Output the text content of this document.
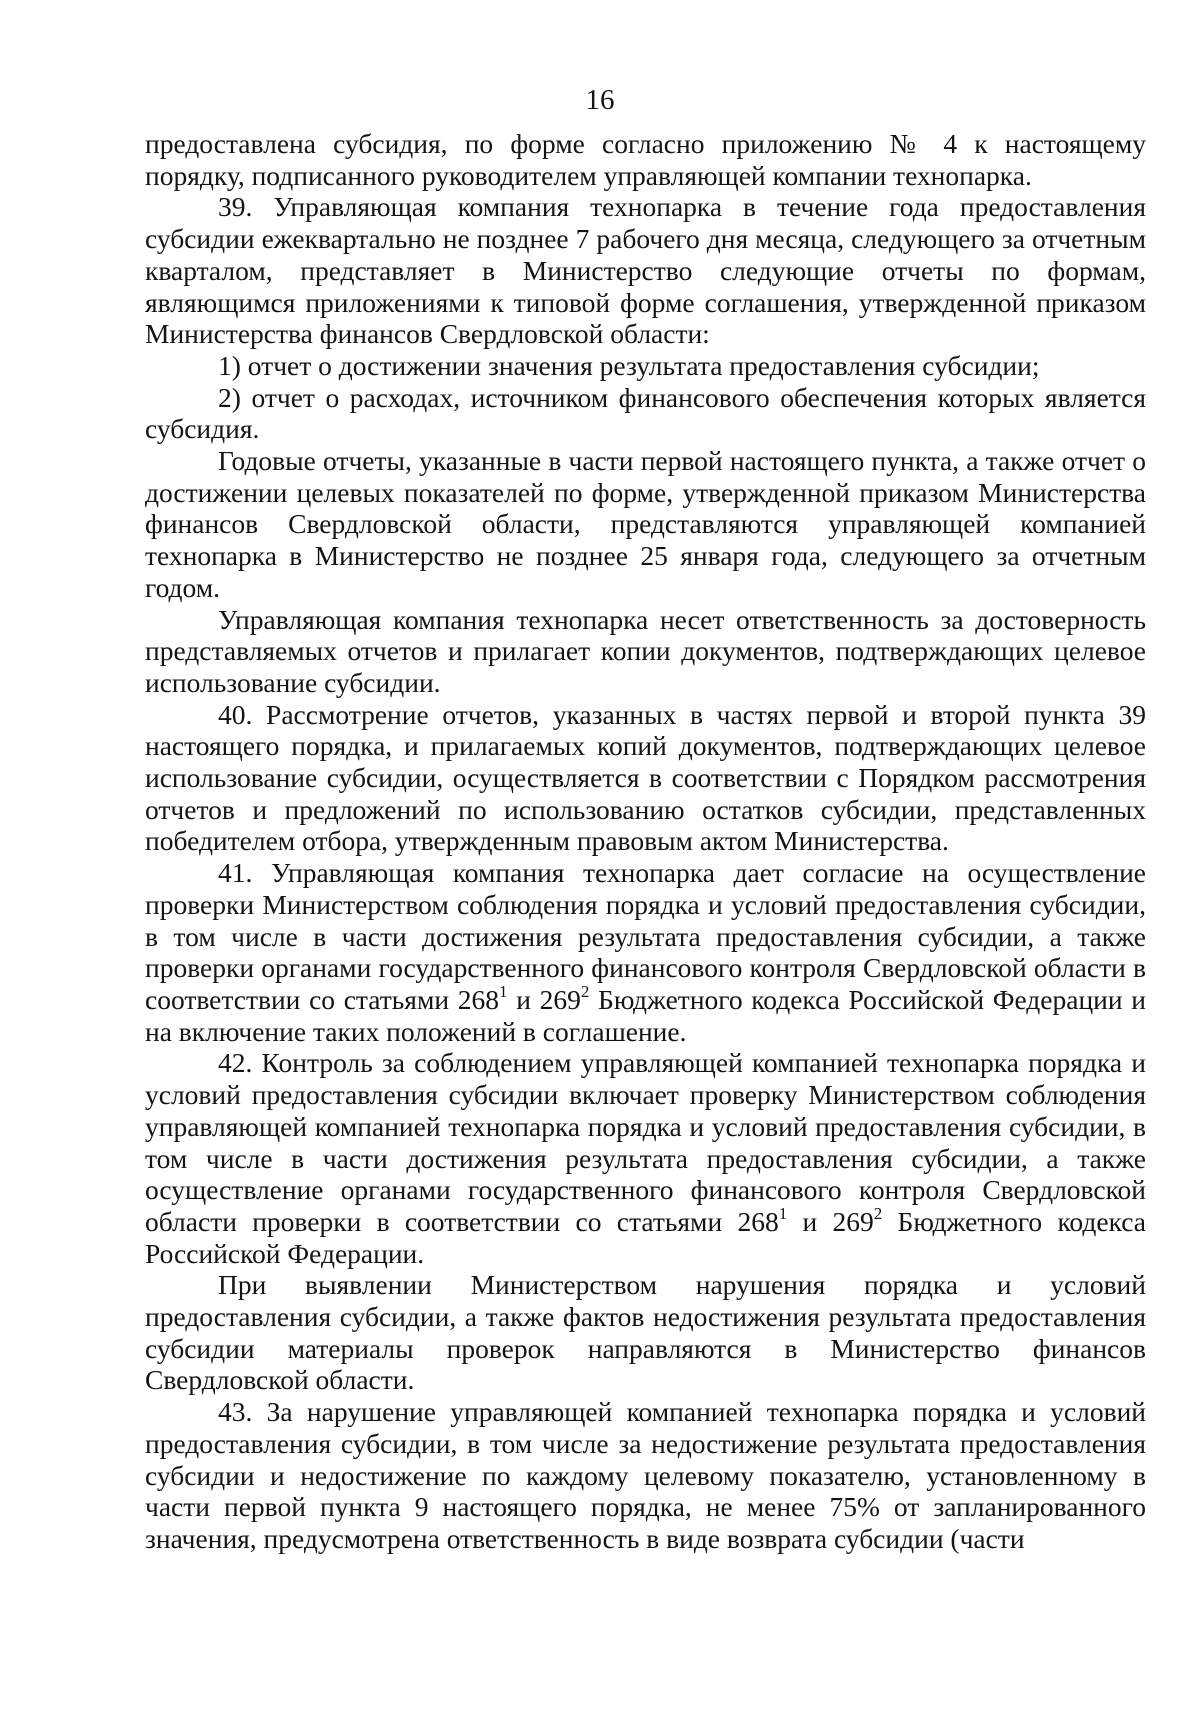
16

предоставлена субсидия, по форме согласно приложению № 4 к настоящему порядку, подписанного руководителем управляющей компании технопарка.

39. Управляющая компания технопарка в течение года предоставления субсидии ежеквартально не позднее 7 рабочего дня месяца, следующего за отчетным кварталом, представляет в Министерство следующие отчеты по формам, являющимся приложениями к типовой форме соглашения, утвержденной приказом Министерства финансов Свердловской области:

1) отчет о достижении значения результата предоставления субсидии;

2) отчет о расходах, источником финансового обеспечения которых является субсидия.

Годовые отчеты, указанные в части первой настоящего пункта, а также отчет о достижении целевых показателей по форме, утвержденной приказом Министерства финансов Свердловской области, представляются управляющей компанией технопарка в Министерство не позднее 25 января года, следующего за отчетным годом.

Управляющая компания технопарка несет ответственность за достоверность представляемых отчетов и прилагает копии документов, подтверждающих целевое использование субсидии.

40. Рассмотрение отчетов, указанных в частях первой и второй пункта 39 настоящего порядка, и прилагаемых копий документов, подтверждающих целевое использование субсидии, осуществляется в соответствии с Порядком рассмотрения отчетов и предложений по использованию остатков субсидии, представленных победителем отбора, утвержденным правовым актом Министерства.

41. Управляющая компания технопарка дает согласие на осуществление проверки Министерством соблюдения порядка и условий предоставления субсидии, в том числе в части достижения результата предоставления субсидии, а также проверки органами государственного финансового контроля Свердловской области в соответствии со статьями $268^1$ и $269^2$ Бюджетного кодекса Российской Федерации и на включение таких положений в соглашение.

42. Контроль за соблюдением управляющей компанией технопарка порядка и условий предоставления субсидии включает проверку Министерством соблюдения управляющей компанией технопарка порядка и условий предоставления субсидии, в том числе в части достижения результата предоставления субсидии, а также осуществление органами государственного финансового контроля Свердловской области проверки в соответствии со статьями $268^1$ и $269^2$ Бюджетного кодекса Российской Федерации.

При выявлении Министерством нарушения порядка и условий предоставления субсидии, а также фактов недостижения результата предоставления субсидии материалы проверок направляются в Министерство финансов Свердловской области.

43. За нарушение управляющей компанией технопарка порядка и условий предоставления субсидии, в том числе за недостижение результата предоставления субсидии и недостижение по каждому целевому показателю, установленному в части первой пункта 9 настоящего порядка, не менее 75% от запланированного значения, предусмотрена ответственность в виде возврата субсидии (части
